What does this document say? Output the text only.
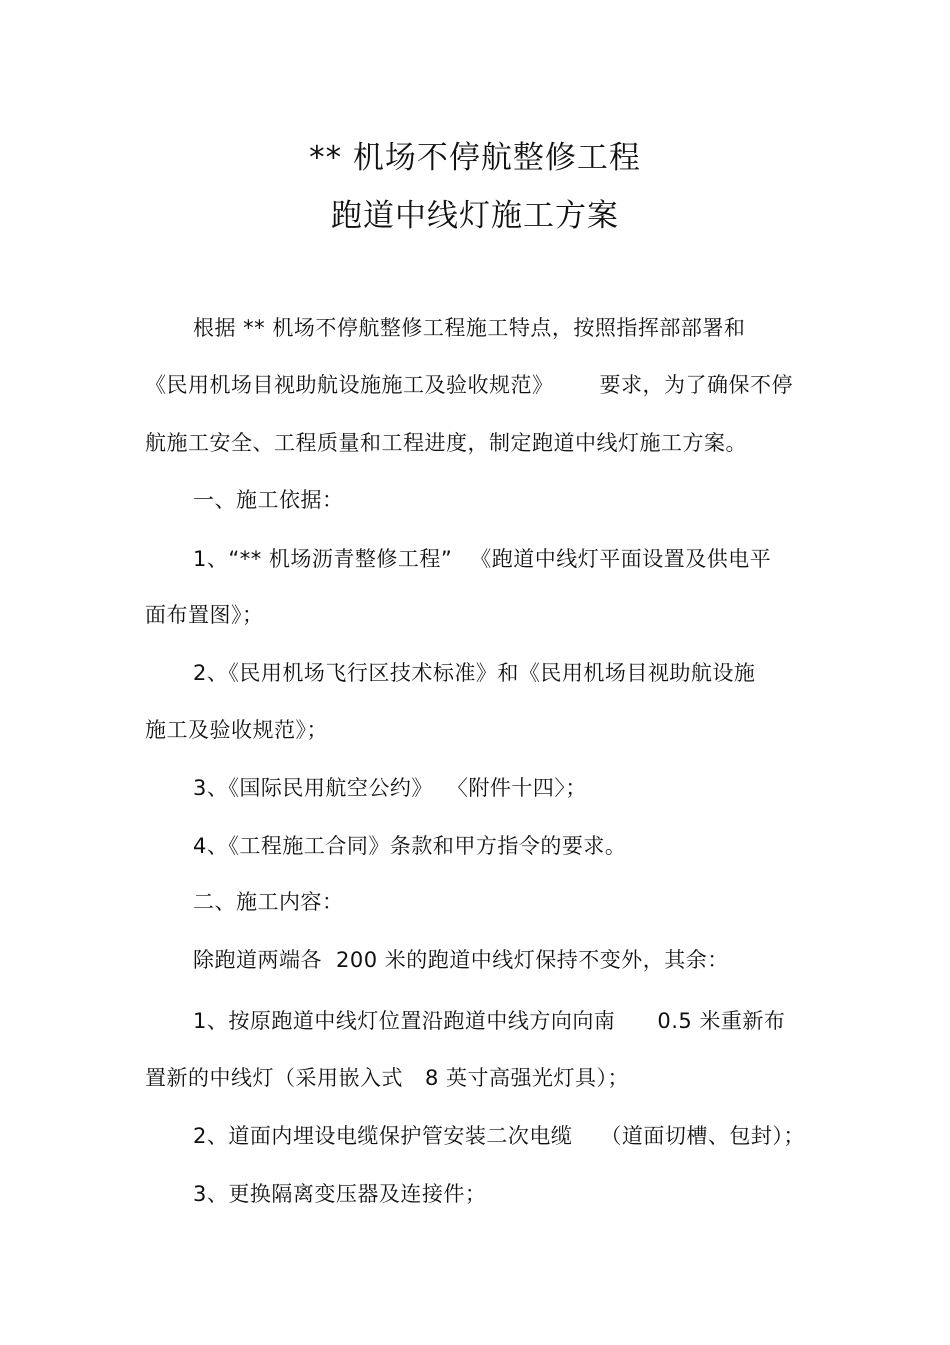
** 机场不停航整修工程
跑道中线灯施工方案
根据 ** 机场不停航整修工程施工特点，按照指挥部部署和
《民用机场目视助航设施施工及验收规范》 要求，为了确保不停
航施工安全、工程质量和工程进度，制定跑道中线灯施工方案。
一、施工依据：
1、“** 机场沥青整修工程” 《跑道中线灯平面设置及供电平
面布置图》；
2、《民用机场飞行区技术标准》和《民用机场目视助航设施
施工及验收规范》；
3、《国际民用航空公约》 〈附件十四〉；
4、《工程施工合同》条款和甲方指令的要求。
二、施工内容：
除跑道两端各 200 米的跑道中线灯保持不变外，其余：
1、按原跑道中线灯位置沿跑道中线方向向南 0.5 米重新布
置新的中线灯（采用嵌入式 8 英寸高强光灯具）；
2、道面内埋设电缆保护管安装二次电缆 （道面切槽、包封）；
3、更换隔离变压器及连接件；
